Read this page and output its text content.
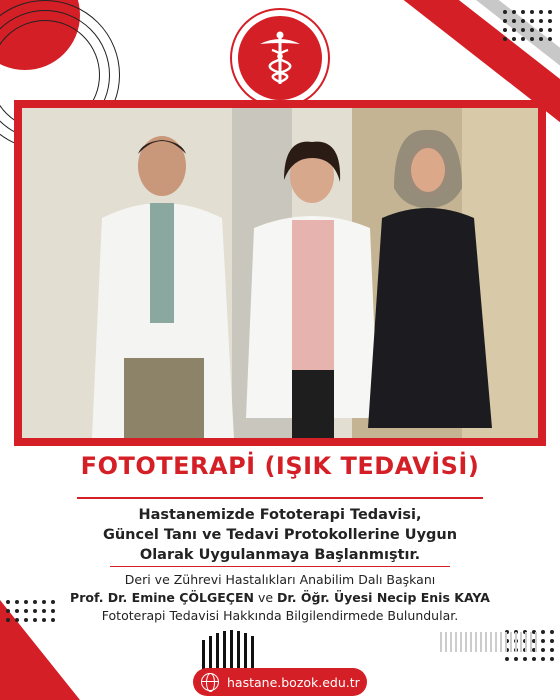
FOTOTERAPİ (IŞIK TEDAVİSİ)
Hastanemizde Fototerapi Tedavisi,
Güncel Tanı ve Tedavi Protokollerine Uygun
Olarak Uygulanmaya Başlanmıştır.
Deri ve Zührevi Hastalıkları Anabilim Dalı Başkanı
Prof. Dr. Emine ÇÖLGEÇEN ve Dr. Öğr. Üyesi Necip Enis KAYA
Fototerapi Tedavisi Hakkında Bilgilendirmede Bulundular.
hastane.bozok.edu.tr
